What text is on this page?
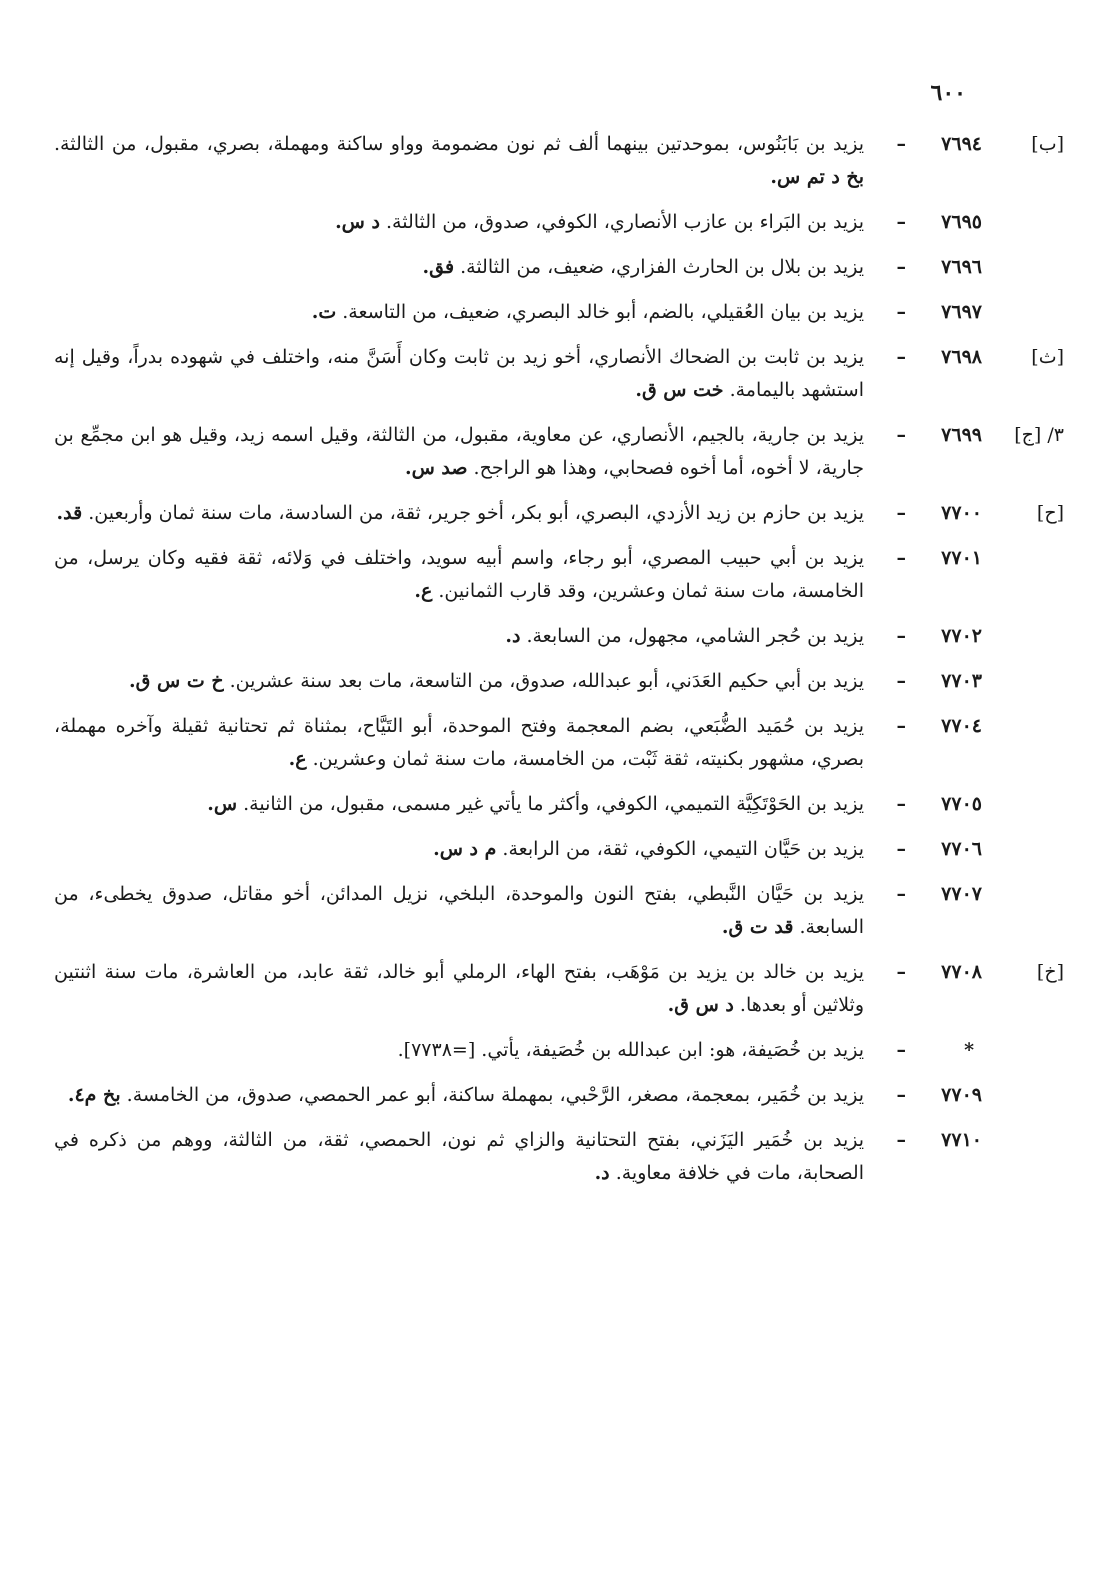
٦٠٠
[ب]
٧٦٩٤
–
يزيد بن بَابَنُوس، بموحدتين بينهما ألف ثم نون مضمومة وواو ساكنة ومهملة، بصري، مقبول، من الثالثة. بخ د تم س.
٧٦٩٥
–
يزيد بن البَراء بن عازب الأنصاري، الكوفي، صدوق، من الثالثة. د س.
٧٦٩٦
–
يزيد بن بلال بن الحارث الفزاري، ضعيف، من الثالثة. فق.
٧٦٩٧
–
يزيد بن بيان العُقيلي، بالضم، أبو خالد البصري، ضعيف، من التاسعة. ت.
[ث]
٧٦٩٨
–
يزيد بن ثابت بن الضحاك الأنصاري، أخو زيد بن ثابت وكان أَسَنَّ منه، واختلف في شهوده بدراً، وقيل إنه استشهد باليمامة. خت س ق.
٣/ [ج]
٧٦٩٩
–
يزيد بن جارية، بالجيم، الأنصاري، عن معاوية، مقبول، من الثالثة، وقيل اسمه زيد، وقيل هو ابن مجمِّع بن جارية، لا أخوه، أما أخوه فصحابي، وهذا هو الراجح. صد س.
[ح]
٧٧٠٠
–
يزيد بن حازم بن زيد الأزدي، البصري، أبو بكر، أخو جرير، ثقة، من السادسة، مات سنة ثمان وأربعين. قد.
٧٧٠١
–
يزيد بن أبي حبيب المصري، أبو رجاء، واسم أبيه سويد، واختلف في وَلائه، ثقة فقيه وكان يرسل، من الخامسة، مات سنة ثمان وعشرين، وقد قارب الثمانين. ع.
٧٧٠٢
–
يزيد بن حُجر الشامي، مجهول، من السابعة. د.
٧٧٠٣
–
يزيد بن أبي حكيم العَدَني، أبو عبدالله، صدوق، من التاسعة، مات بعد سنة عشرين. خ ت س ق.
٧٧٠٤
–
يزيد بن حُمَيد الضُّبَعي، بضم المعجمة وفتح الموحدة، أبو التَيَّاح، بمثناة ثم تحتانية ثقيلة وآخره مهملة، بصري، مشهور بكنيته، ثقة ثَبْت، من الخامسة، مات سنة ثمان وعشرين. ع.
٧٧٠٥
–
يزيد بن الحَوْتَكِيَّة التميمي، الكوفي، وأكثر ما يأتي غير مسمى، مقبول، من الثانية. س.
٧٧٠٦
–
يزيد بن حَيَّان التيمي، الكوفي، ثقة، من الرابعة. م د س.
٧٧٠٧
–
يزيد بن حَيَّان النَّبطي، بفتح النون والموحدة، البلخي، نزيل المدائن، أخو مقاتل، صدوق يخطىء، من السابعة. قد ت ق.
[خ]
٧٧٠٨
–
يزيد بن خالد بن يزيد بن مَوْهَب، بفتح الهاء، الرملي أبو خالد، ثقة عابد، من العاشرة، مات سنة اثنتين وثلاثين أو بعدها. د س ق.
*
–
يزيد بن خُصَيفة، هو: ابن عبدالله بن خُصَيفة، يأتي. [=٧٧٣٨].
٧٧٠٩
–
يزيد بن خُمَير، بمعجمة، مصغر، الرَّحْبي، بمهملة ساكنة، أبو عمر الحمصي، صدوق، من الخامسة. بخ م٤.
٧٧١٠
–
يزيد بن خُمَير اليَزَني، بفتح التحتانية والزاي ثم نون، الحمصي، ثقة، من الثالثة، ووهم من ذكره في الصحابة، مات في خلافة معاوية. د.
